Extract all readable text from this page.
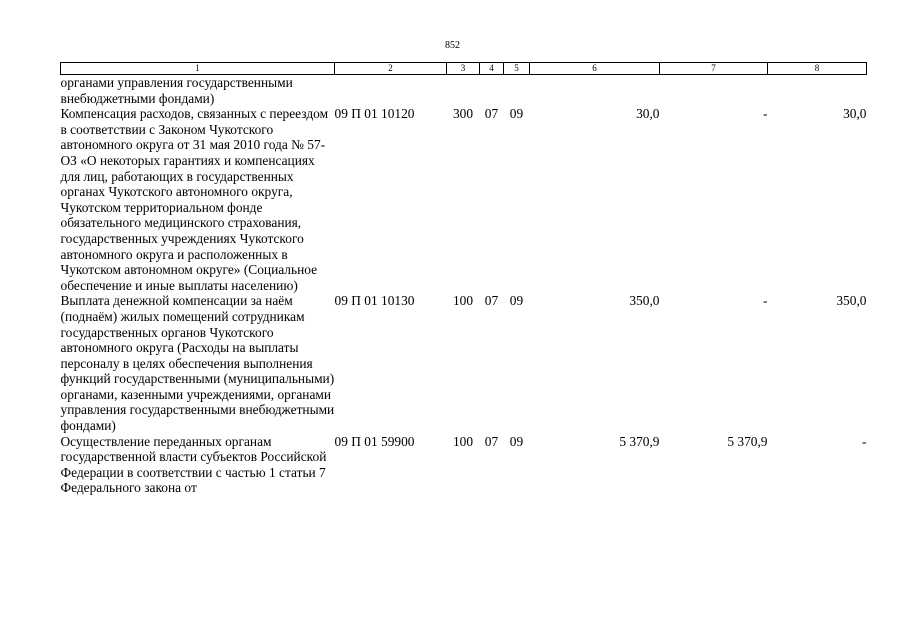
852
1	2	3	4	5	6	7	8
органами управления государственными внебюджетными фондами)							
Компенсация расходов, связанных с переездом в соответствии с Законом Чукотского автономного округа от 31 мая 2010 года № 57-ОЗ «О некоторых гарантиях и компенсациях для лиц, работающих в государственных органах Чукотского автономного округа, Чукотском территориальном фонде обязательного медицинского страхования, государственных учреждениях Чукотского автономного округа и расположенных в Чукотском автономном округе» (Социальное обеспечение и иные выплаты населению)	09 П 01 10120	300	07	09	30,0	-	30,0
Выплата денежной компенсации за наём (поднаём) жилых помещений сотрудникам государственных органов Чукотского автономного округа (Расходы на выплаты персоналу в целях обеспечения выполнения функций государственными (муниципальными) органами, казенными учреждениями, органами управления государственными внебюджетными фондами)	09 П 01 10130	100	07	09	350,0	-	350,0
Осуществление переданных органам государственной власти субъектов Российской Федерации в соответствии с частью 1 статьи 7 Федерального закона от	09 П 01 59900	100	07	09	5 370,9	5 370,9	-
